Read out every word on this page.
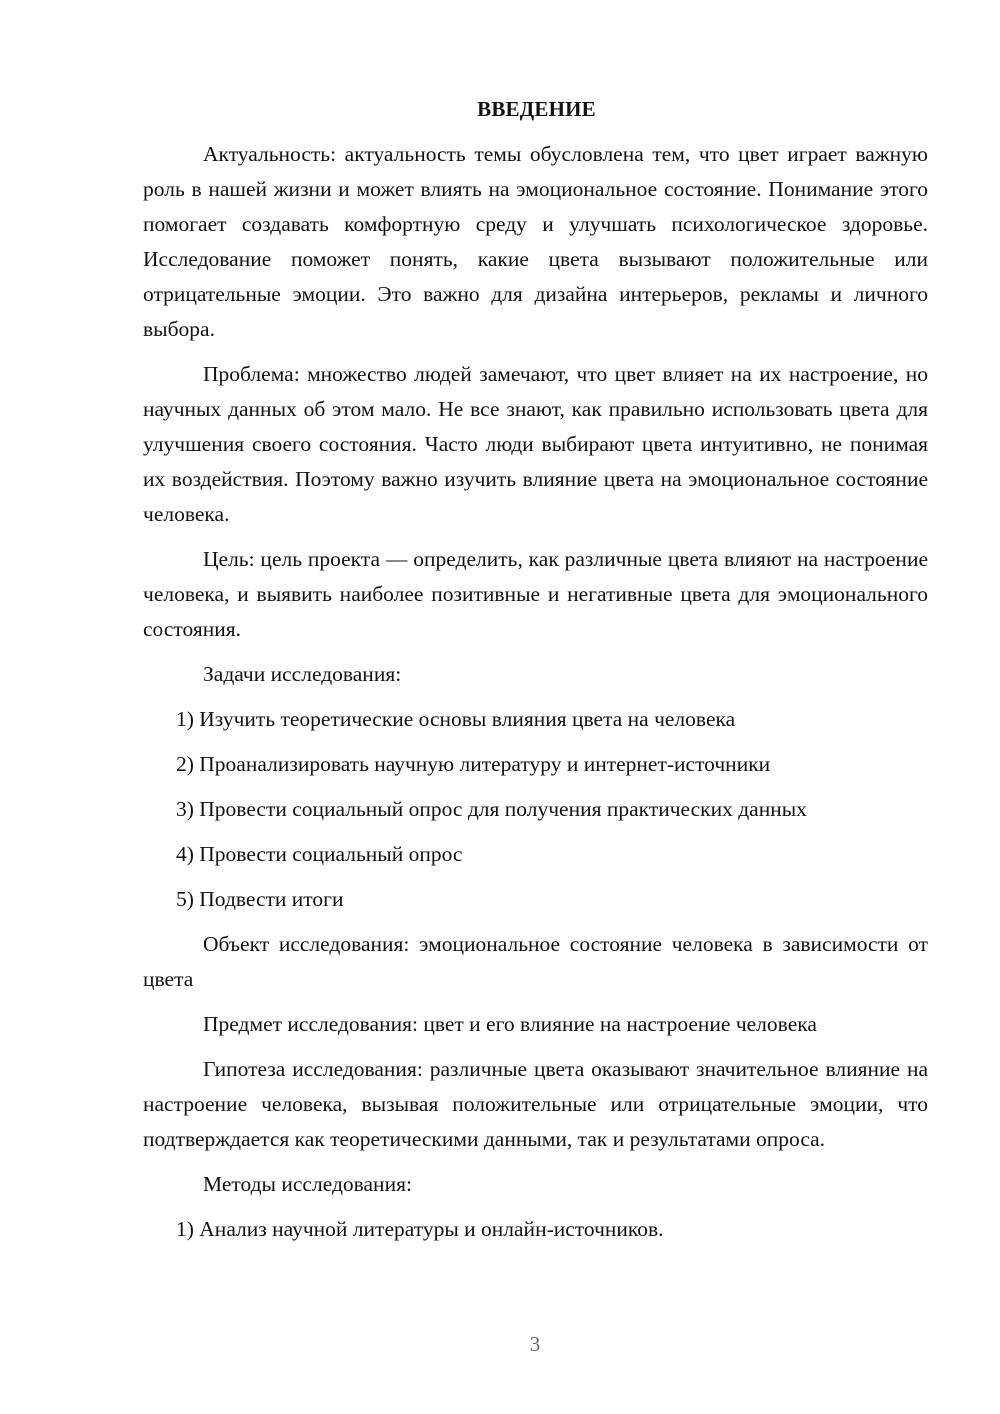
ВВЕДЕНИЕ

Актуальность: актуальность темы обусловлена тем, что цвет играет важную роль в нашей жизни и может влиять на эмоциональное состояние. Понимание этого помогает создавать комфортную среду и улучшать психологическое здоровье. Исследование поможет понять, какие цвета вызывают положительные или отрицательные эмоции. Это важно для дизайна интерьеров, рекламы и личного выбора.

Проблема: множество людей замечают, что цвет влияет на их настроение, но научных данных об этом мало. Не все знают, как правильно использовать цвета для улучшения своего состояния. Часто люди выбирают цвета интуитивно, не понимая их воздействия. Поэтому важно изучить влияние цвета на эмоциональное состояние человека.

Цель: цель проекта — определить, как различные цвета влияют на настроение человека, и выявить наиболее позитивные и негативные цвета для эмоционального состояния.

Задачи исследования:

1) Изучить теоретические основы влияния цвета на человека

2) Проанализировать научную литературу и интернет-источники

3) Провести социальный опрос для получения практических данных

4) Провести социальный опрос

5) Подвести итоги

Объект исследования: эмоциональное состояние человека в зависимости от цвета

Предмет исследования: цвет и его влияние на настроение человека

Гипотеза исследования: различные цвета оказывают значительное влияние на настроение человека, вызывая положительные или отрицательные эмоции, что подтверждается как теоретическими данными, так и результатами опроса.

Методы исследования:

1) Анализ научной литературы и онлайн-источников.

3
